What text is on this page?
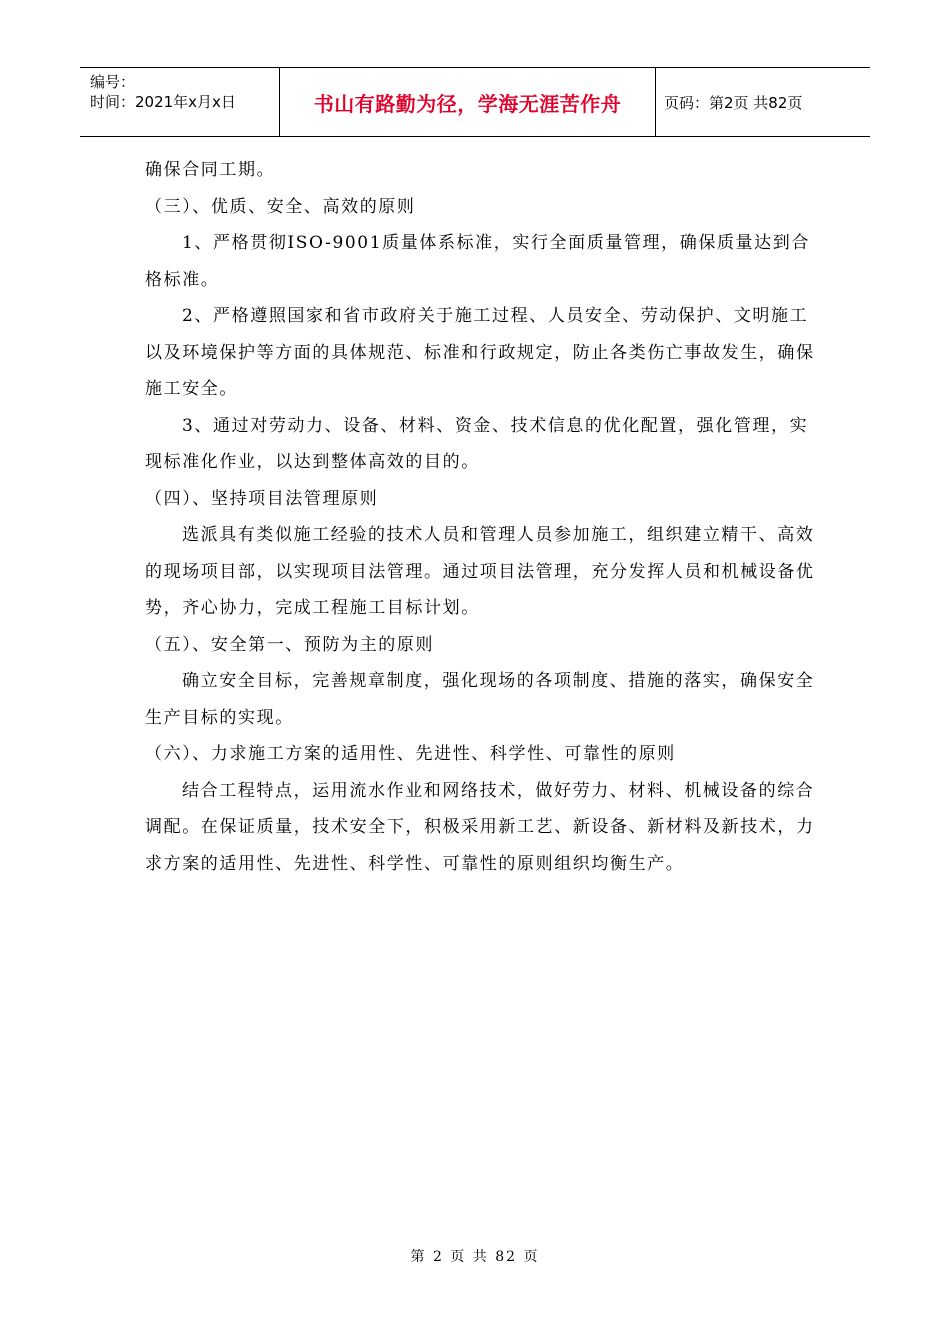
编号：
时间：2021年x月x日	书山有路勤为径，学海无涯苦作舟	页码：第2页 共82页

确保合同工期。

（三）、优质、安全、高效的原则

1、严格贯彻ISO-9001质量体系标准，实行全面质量管理，确保质量达到合格标准。

2、严格遵照国家和省市政府关于施工过程、人员安全、劳动保护、文明施工以及环境保护等方面的具体规范、标准和行政规定，防止各类伤亡事故发生，确保施工安全。

3、通过对劳动力、设备、材料、资金、技术信息的优化配置，强化管理，实现标准化作业，以达到整体高效的目的。

（四）、坚持项目法管理原则

选派具有类似施工经验的技术人员和管理人员参加施工，组织建立精干、高效的现场项目部，以实现项目法管理。通过项目法管理，充分发挥人员和机械设备优势，齐心协力，完成工程施工目标计划。

（五）、安全第一、预防为主的原则

确立安全目标，完善规章制度，强化现场的各项制度、措施的落实，确保安全生产目标的实现。

（六）、力求施工方案的适用性、先进性、科学性、可靠性的原则

结合工程特点，运用流水作业和网络技术，做好劳力、材料、机械设备的综合调配。在保证质量，技术安全下，积极采用新工艺、新设备、新材料及新技术，力求方案的适用性、先进性、科学性、可靠性的原则组织均衡生产。

第 2 页 共 82 页
